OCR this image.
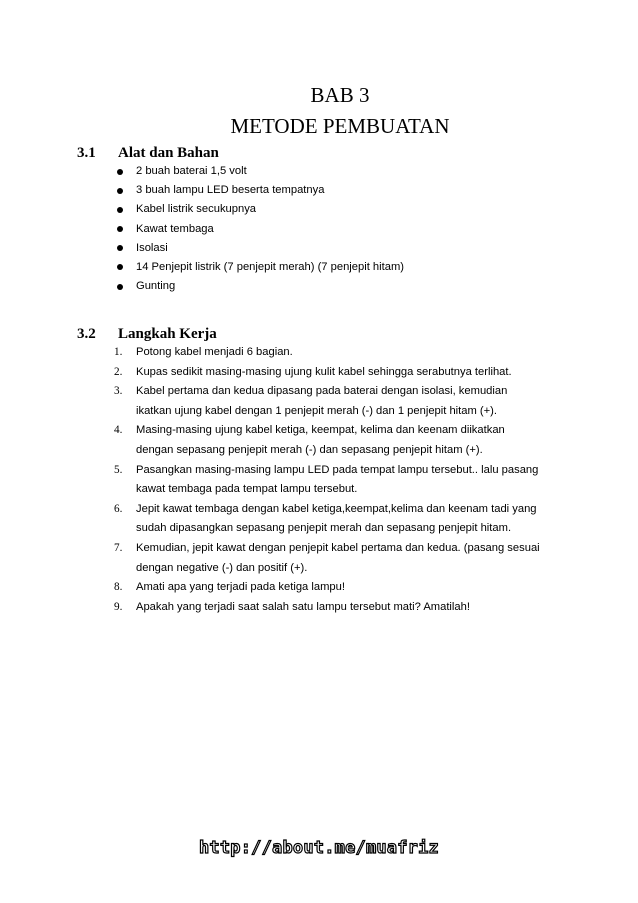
BAB 3
METODE PEMBUATAN
3.1 Alat dan Bahan
2 buah baterai 1,5 volt
3 buah lampu LED beserta tempatnya
Kabel listrik secukupnya
Kawat tembaga
Isolasi
14 Penjepit listrik (7 penjepit merah) (7 penjepit hitam)
Gunting
3.2 Langkah Kerja
1.	Potong kabel menjadi 6 bagian.
2.	Kupas sedikit masing-masing ujung kulit kabel sehingga serabutnya terlihat.
3.	Kabel pertama dan kedua dipasang pada baterai dengan isolasi, kemudian
ikatkan ujung kabel dengan 1 penjepit merah (-) dan 1 penjepit hitam (+).
4.	Masing-masing ujung kabel ketiga, keempat, kelima dan keenam diikatkan
dengan sepasang penjepit merah (-) dan sepasang penjepit hitam (+).
5.	Pasangkan masing-masing lampu LED pada tempat lampu tersebut.. lalu pasang
kawat tembaga pada tempat lampu tersebut.
6.	Jepit kawat tembaga dengan kabel ketiga,keempat,kelima dan keenam tadi yang
sudah dipasangkan sepasang penjepit merah dan sepasang penjepit hitam.
7.	Kemudian, jepit kawat dengan penjepit kabel pertama dan kedua. (pasang sesuai
dengan negative (-) dan positif (+).
8.	Amati apa yang terjadi pada ketiga lampu!
9.	Apakah yang terjadi saat salah satu lampu tersebut mati? Amatilah!
http://about.me/muafriz
